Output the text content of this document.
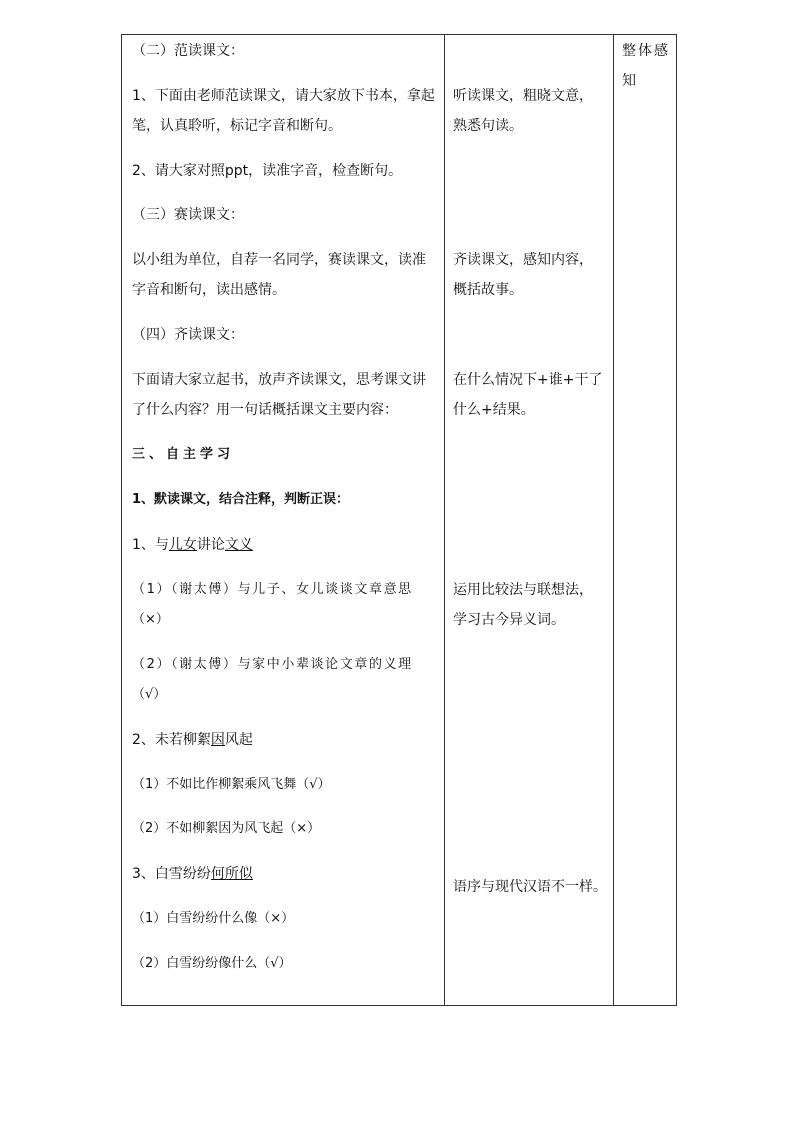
（二）范读课文：
1、下面由老师范读课文，请大家放下书本，拿起
笔，认真聆听，标记字音和断句。
2、请大家对照ppt，读准字音，检查断句。
（三）赛读课文：
以小组为单位，自荐一名同学，赛读课文，读准
字音和断句，读出感情。
（四）齐读课文：
下面请大家立起书，放声齐读课文，思考课文讲
了什么内容？用一句话概括课文主要内容：
三、自主学习
1、默读课文，结合注释，判断正误：
1、与儿女讲论文义
（1）（谢太傅）与儿子、女儿谈谈文章意思
（×）
（2）（谢太傅）与家中小辈谈论文章的义理
（√）
2、未若柳絮因风起
（1）不如比作柳絮乘风飞舞（√）
（2）不如柳絮因为风飞起（×）
3、白雪纷纷何所似
（1）白雪纷纷什么像（×）
（2）白雪纷纷像什么（√）
听读课文，粗晓文意，
熟悉句读。
齐读课文，感知内容，
概括故事。
在什么情况下+谁+干了
什么+结果。
运用比较法与联想法，
学习古今异义词。
语序与现代汉语不一样。
整体感
知
